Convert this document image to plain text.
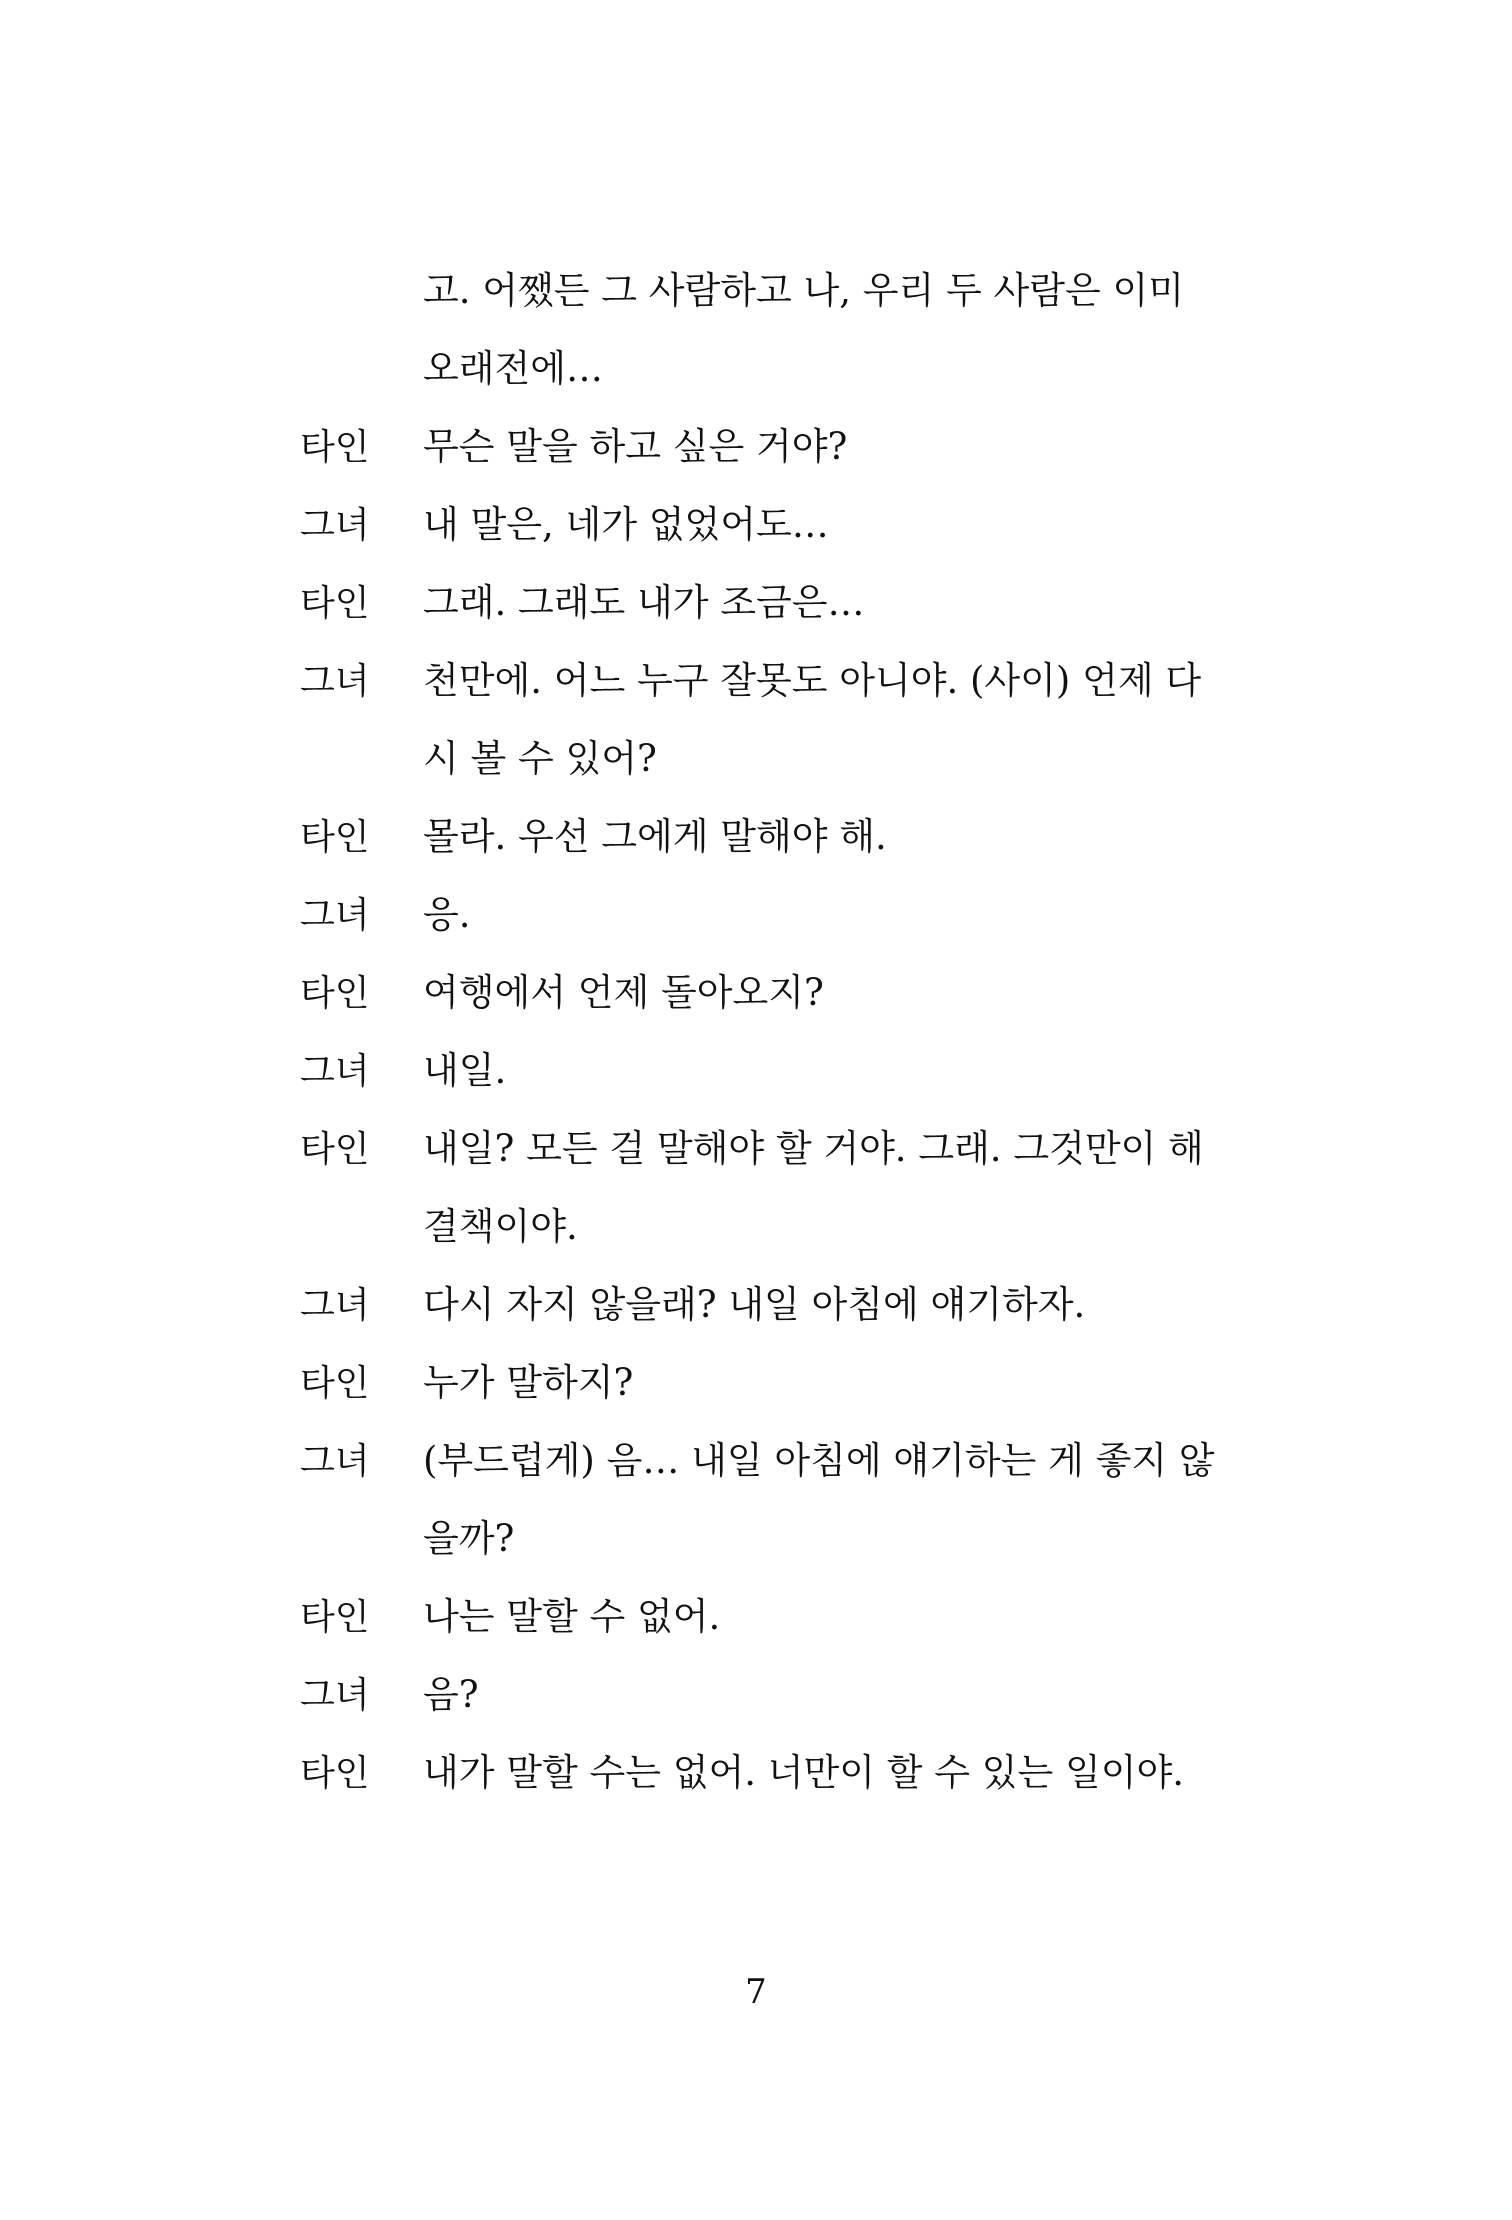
고. 어쨌든 그 사람하고 나, 우리 두 사람은 이미
오래전에…
타인	무슨 말을 하고 싶은 거야?
그녀	내 말은, 네가 없었어도…
타인	그래. 그래도 내가 조금은…
그녀	천만에. 어느 누구 잘못도 아니야. (사이) 언제 다
시 볼 수 있어?
타인	몰라. 우선 그에게 말해야 해.
그녀	응.
타인	여행에서 언제 돌아오지?
그녀	내일.
타인	내일? 모든 걸 말해야 할 거야. 그래. 그것만이 해
결책이야.
그녀	다시 자지 않을래? 내일 아침에 얘기하자.
타인	누가 말하지?
그녀	(부드럽게) 음… 내일 아침에 얘기하는 게 좋지 않
을까?
타인	나는 말할 수 없어.
그녀	음?
타인	내가 말할 수는 없어. 너만이 할 수 있는 일이야.
7
